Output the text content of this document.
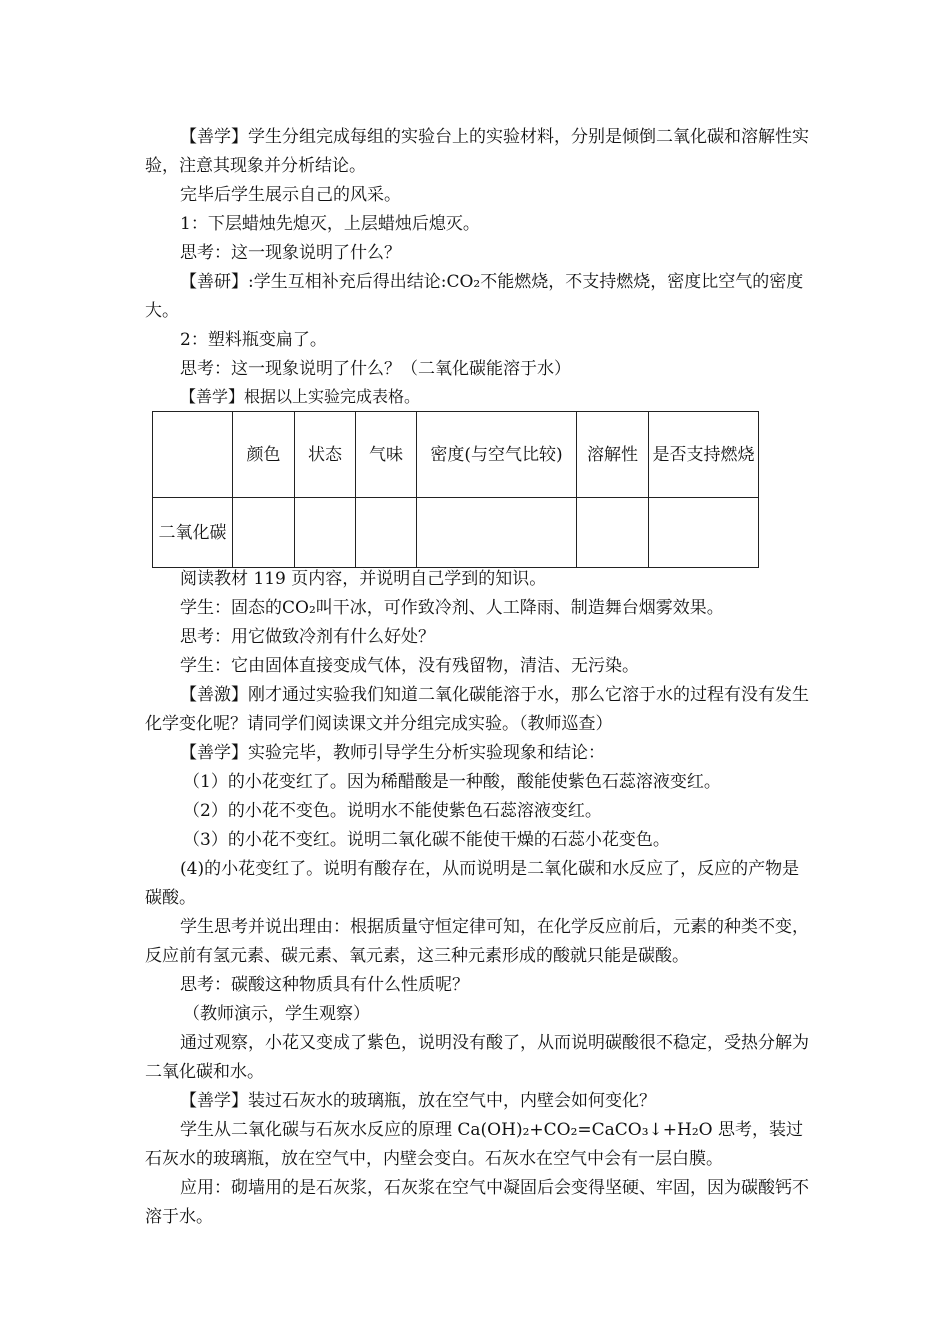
【善学】学生分组完成每组的实验台上的实验材料，分别是倾倒二氧化碳和溶解性实验，注意其现象并分析结论。
完毕后学生展示自己的风采。
1：下层蜡烛先熄灭，上层蜡烛后熄灭。
思考：这一现象说明了什么？
【善研】:学生互相补充后得出结论:CO₂不能燃烧，不支持燃烧，密度比空气的密度大。
2：塑料瓶变扁了。
思考：这一现象说明了什么？（二氧化碳能溶于水）
【善学】根据以上实验完成表格。
	颜色	状态	气味	密度(与空气比较)	溶解性	是否支持燃烧
二氧化碳						
阅读教材 119 页内容，并说明自己学到的知识。
学生：固态的CO₂叫干冰，可作致冷剂、人工降雨、制造舞台烟雾效果。
思考：用它做致冷剂有什么好处？
学生：它由固体直接变成气体，没有残留物，清洁、无污染。
【善激】刚才通过实验我们知道二氧化碳能溶于水，那么它溶于水的过程有没有发生化学变化呢？请同学们阅读课文并分组完成实验。（教师巡查）
【善学】实验完毕，教师引导学生分析实验现象和结论：
（1）的小花变红了。因为稀醋酸是一种酸，酸能使紫色石蕊溶液变红。
（2）的小花不变色。说明水不能使紫色石蕊溶液变红。
（3）的小花不变红。说明二氧化碳不能使干燥的石蕊小花变色。
(4)的小花变红了。说明有酸存在，从而说明是二氧化碳和水反应了，反应的产物是碳酸。
学生思考并说出理由：根据质量守恒定律可知，在化学反应前后，元素的种类不变，反应前有氢元素、碳元素、氧元素，这三种元素形成的酸就只能是碳酸。
思考：碳酸这种物质具有什么性质呢？
（教师演示，学生观察）
通过观察，小花又变成了紫色，说明没有酸了，从而说明碳酸很不稳定，受热分解为二氧化碳和水。
【善学】装过石灰水的玻璃瓶，放在空气中，内壁会如何变化？
学生从二氧化碳与石灰水反应的原理 Ca(OH)₂+CO₂=CaCO₃↓+H₂O 思考，装过石灰水的玻璃瓶，放在空气中，内壁会变白。石灰水在空气中会有一层白膜。
应用：砌墙用的是石灰浆，石灰浆在空气中凝固后会变得坚硬、牢固，因为碳酸钙不溶于水。
